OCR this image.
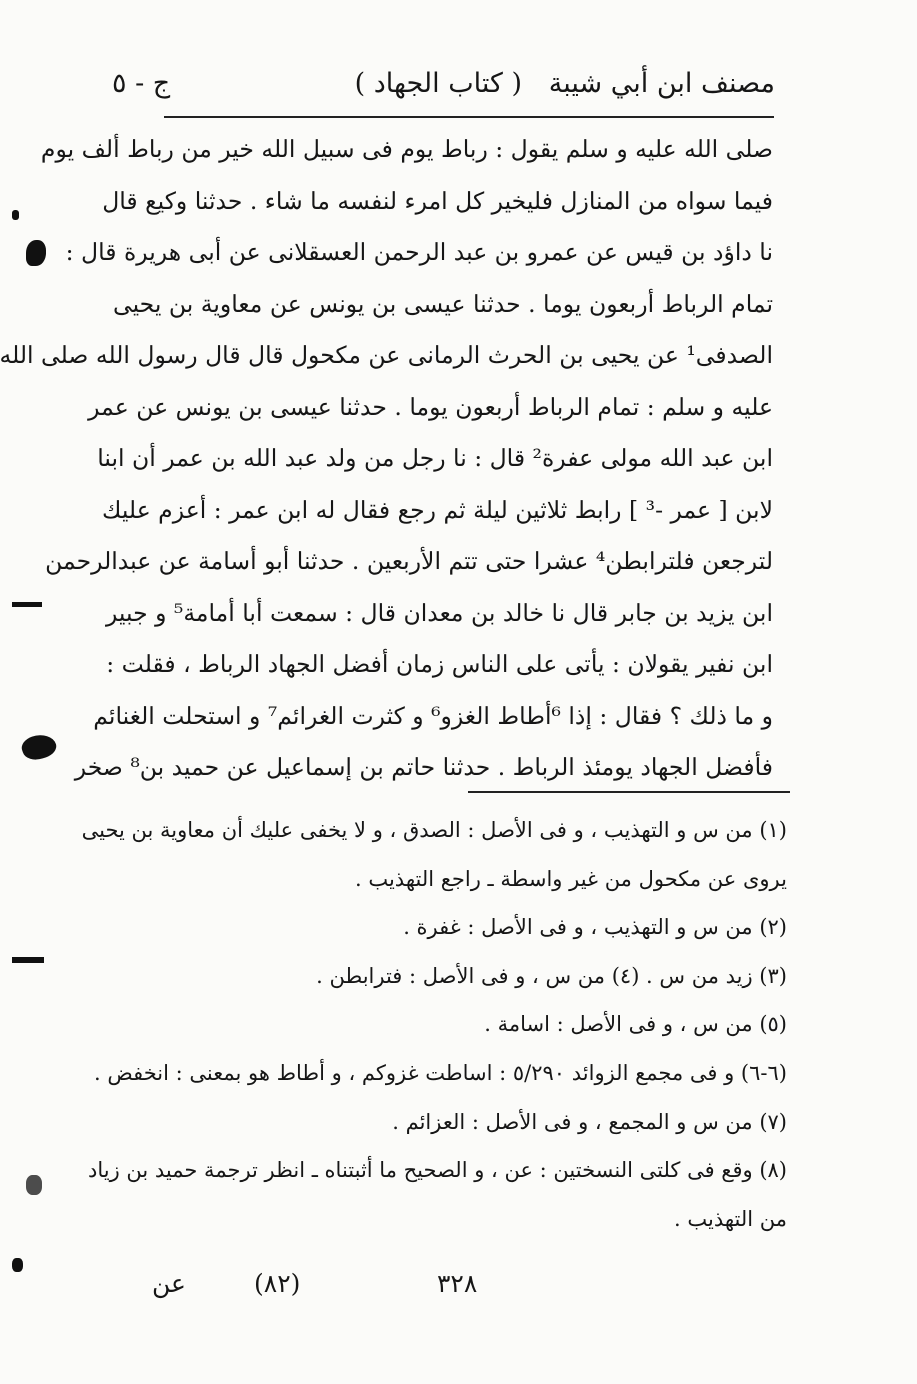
مصنف ابن أبي شيبة
( كتاب الجهاد )
ج - ٥
صلى الله عليه و سلم يقول : رباط يوم فى سبيل الله خير من رباط ألف يوم
فيما سواه من المنازل فليخير كل امرء لنفسه ما شاء . حدثنا وكيع قال
نا داؤد بن قيس عن عمرو بن عبد الرحمن العسقلانى عن أبى هريرة قال :
تمام الرباط أربعون يوما . حدثنا عيسى بن يونس عن معاوية بن يحيى
الصدفى¹ عن يحيى بن الحرث الرمانى عن مكحول قال قال رسول الله صلى الله
عليه و سلم : تمام الرباط أربعون يوما . حدثنا عيسى بن يونس عن عمر
ابن عبد الله مولى عفرة² قال : نا رجل من ولد عبد الله بن عمر أن ابنا
لابن [ عمر -³ ] رابط ثلاثين ليلة ثم رجع فقال له ابن عمر : أعزم عليك
لترجعن فلترابطن⁴ عشرا حتى تتم الأربعين . حدثنا أبو أسامة عن عبدالرحمن
ابن يزيد بن جابر قال نا خالد بن معدان قال : سمعت أبا أمامة⁵ و جبير
ابن نفير يقولان : يأتى على الناس زمان أفضل الجهاد الرباط ، فقلت :
و ما ذلك ؟ فقال : إذا ⁶أطاط الغزو⁶ و كثرت الغرائم⁷ و استحلت الغنائم
فأفضل الجهاد يومئذ الرباط . حدثنا حاتم بن إسماعيل عن حميد بن⁸ صخر
(١) من س و التهذيب ، و فى الأصل : الصدق ، و لا يخفى عليك أن معاوية بن يحيى
يروى عن مكحول من غير واسطة ـ راجع التهذيب .
(٢) من س و التهذيب ، و فى الأصل : غفرة .
(٣) زيد من س . (٤) من س ، و فى الأصل : فترابطن .
(٥) من س ، و فى الأصل : اسامة .
(٦-٦) و فى مجمع الزوائد ٥/٢٩٠ : اساطت غزوكم ، و أطاط هو بمعنى : انخفض .
(٧) من س و المجمع ، و فى الأصل : العزائم .
(٨) وقع فى كلتى النسختين : عن ، و الصحيح ما أثبتناه ـ انظر ترجمة حميد بن زياد
من التهذيب .
٣٢٨
(٨٢)
عن
